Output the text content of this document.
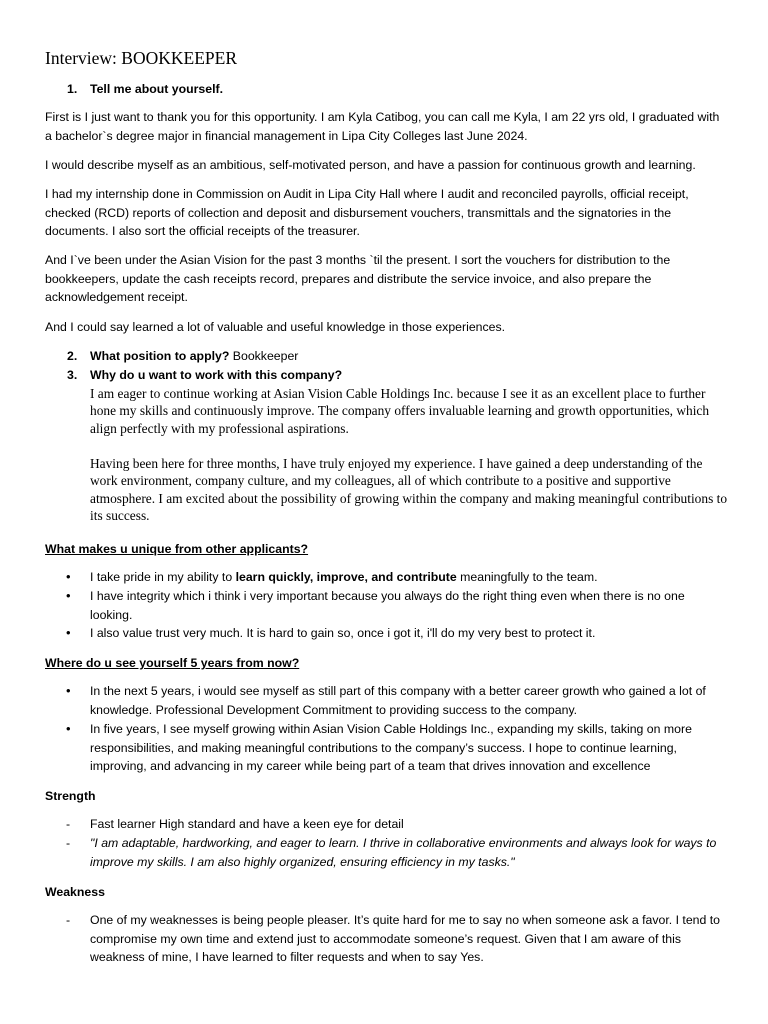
Interview: BOOKKEEPER
1. Tell me about yourself.

First is I just want to thank you for this opportunity. I am Kyla Catibog, you can call me Kyla, I am 22 yrs old, I graduated with a bachelor`s degree major in financial management in Lipa City Colleges last June 2024.

I would describe myself as an ambitious, self-motivated person, and have a passion for continuous growth and learning.

I had my internship done in Commission on Audit in Lipa City Hall where I audit and reconciled payrolls, official receipt, checked (RCD) reports of collection and deposit and disbursement vouchers, transmittals and the signatories in the documents. I also sort the official receipts of the treasurer.

And I`ve been under the Asian Vision for the past 3 months `til the present. I sort the vouchers for distribution to the bookkeepers, update the cash receipts record, prepares and distribute the service invoice, and also prepare the acknowledgement receipt.

And I could say learned a lot of valuable and useful knowledge in those experiences.

2. What position to apply? Bookkeeper
3. Why do u want to work with this company?

I am eager to continue working at Asian Vision Cable Holdings Inc. because I see it as an excellent place to further hone my skills and continuously improve. The company offers invaluable learning and growth opportunities, which align perfectly with my professional aspirations.

Having been here for three months, I have truly enjoyed my experience. I have gained a deep understanding of the work environment, company culture, and my colleagues, all of which contribute to a positive and supportive atmosphere. I am excited about the possibility of growing within the company and making meaningful contributions to its success.

What makes u unique from other applicants?
• I take pride in my ability to learn quickly, improve, and contribute meaningfully to the team.

• I have integrity which i think i very important because you always do the right thing even when there is no one looking.

• I also value trust very much. It is hard to gain so, once i got it, i'll do my very best to protect it.

Where do u see yourself 5 years from now?
• In the next 5 years, i would see myself as still part of this company with a better career growth who gained a lot of knowledge. Professional Development Commitment to providing success to the company.

• In five years, I see myself growing within Asian Vision Cable Holdings Inc., expanding my skills, taking on more responsibilities, and making meaningful contributions to the company’s success. I hope to continue learning, improving, and advancing in my career while being part of a team that drives innovation and excellence

Strength
- Fast learner High standard and have a keen eye for detail

- "I am adaptable, hardworking, and eager to learn. I thrive in collaborative environments and always look for ways to improve my skills. I am also highly organized, ensuring efficiency in my tasks."

Weakness
- One of my weaknesses is being people pleaser. It’s quite hard for me to say no when someone ask a favor. I tend to compromise my own time and extend just to accommodate someone’s request. Given that I am aware of this weakness of mine, I have learned to filter requests and when to say Yes.
